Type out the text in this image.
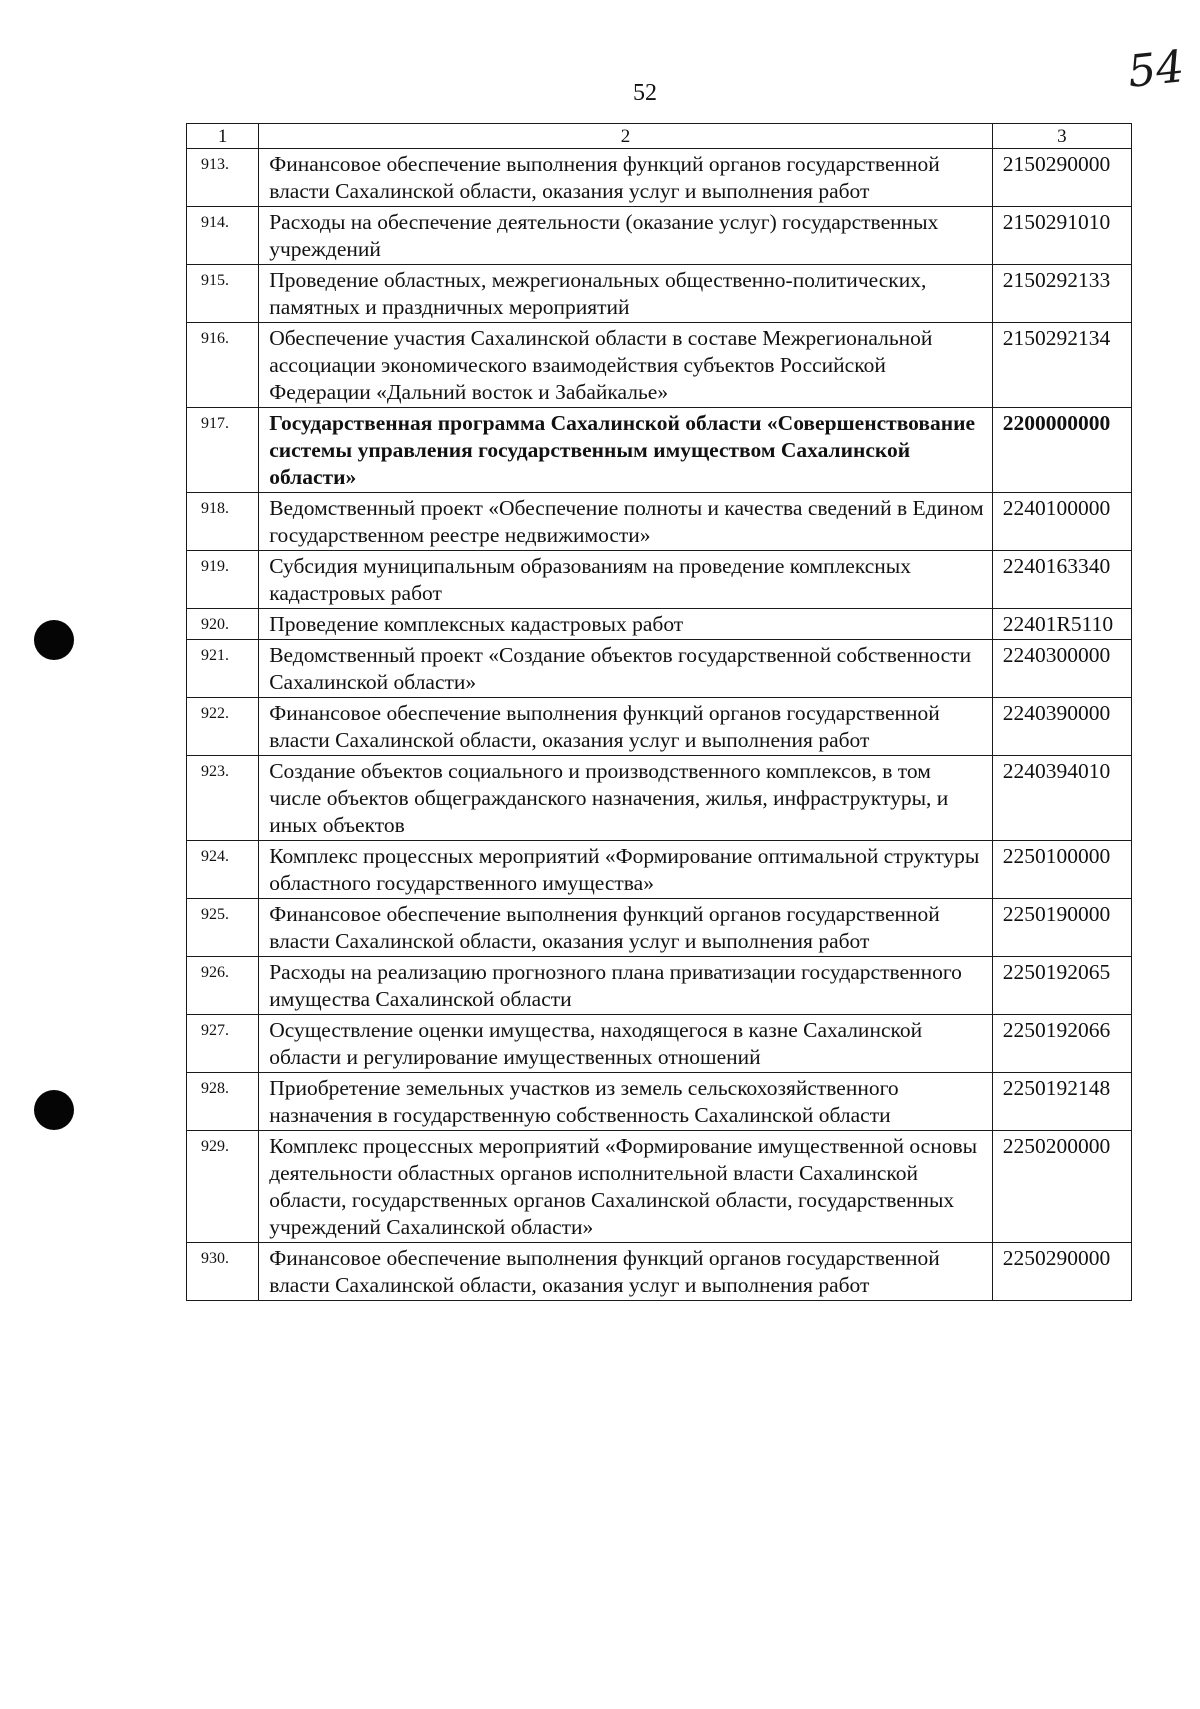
52	54
1	2	3
913.	Финансовое обеспечение выполнения функций органов государственной власти Сахалинской области, оказания услуг и выполнения работ	2150290000
914.	Расходы на обеспечение деятельности (оказание услуг) государственных учреждений	2150291010
915.	Проведение областных, межрегиональных общественно-политических, памятных и праздничных мероприятий	2150292133
916.	Обеспечение участия Сахалинской области в составе Межрегиональной ассоциации экономического взаимодействия субъектов Российской Федерации «Дальний восток и Забайкалье»	2150292134
917.	Государственная программа Сахалинской области «Совершенствование системы управления государственным имуществом Сахалинской области»	2200000000
918.	Ведомственный проект «Обеспечение полноты и качества сведений в Едином государственном реестре недвижимости»	2240100000
919.	Субсидия муниципальным образованиям на проведение комплексных кадастровых работ	2240163340
920.	Проведение комплексных кадастровых работ	22401R5110
921.	Ведомственный проект «Создание объектов государственной собственности Сахалинской области»	2240300000
922.	Финансовое обеспечение выполнения функций органов государственной власти Сахалинской области, оказания услуг и выполнения работ	2240390000
923.	Создание объектов социального и производственного комплексов, в том числе объектов общегражданского назначения, жилья, инфраструктуры, и иных объектов	2240394010
924.	Комплекс процессных мероприятий «Формирование оптимальной структуры областного государственного имущества»	2250100000
925.	Финансовое обеспечение выполнения функций органов государственной власти Сахалинской области, оказания услуг и выполнения работ	2250190000
926.	Расходы на реализацию прогнозного плана приватизации государственного имущества Сахалинской области	2250192065
927.	Осуществление оценки имущества, находящегося в казне Сахалинской области и регулирование имущественных отношений	2250192066
928.	Приобретение земельных участков из земель сельскохозяйственного назначения в государственную собственность Сахалинской области	2250192148
929.	Комплекс процессных мероприятий «Формирование имущественной основы деятельности областных органов исполнительной власти Сахалинской области, государственных органов Сахалинской области, государственных учреждений Сахалинской области»	2250200000
930.	Финансовое обеспечение выполнения функций органов государственной власти Сахалинской области, оказания услуг и выполнения работ	2250290000
